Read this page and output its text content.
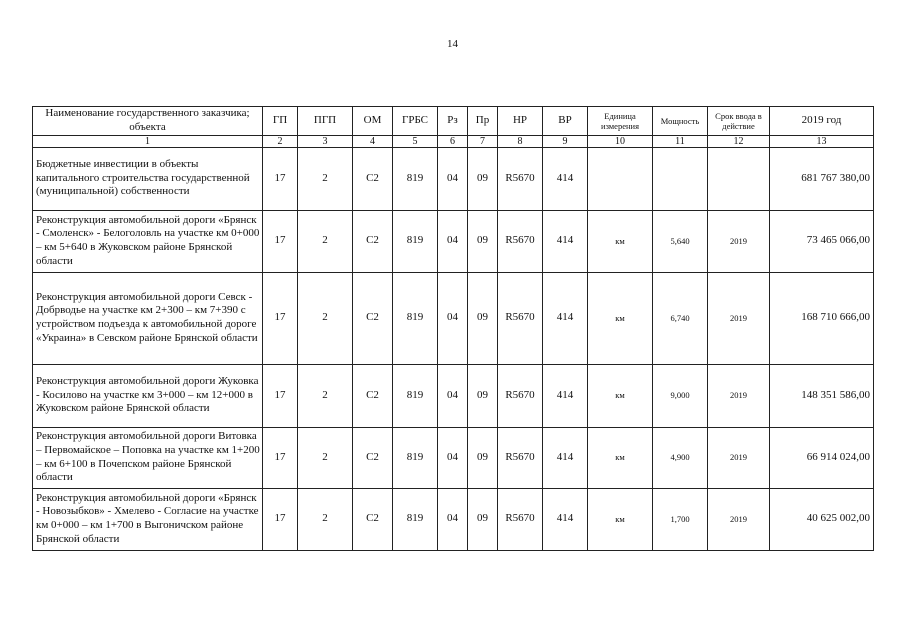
14
Наименование государственного заказчика; объекта	ГП	ПГП	ОМ	ГРБС	Рз	Пр	НР	ВР	Единица измерения	Мощность	Срок ввода в действие	2019 год
1	2	3	4	5	6	7	8	9	10	11	12	13
Бюджетные инвестиции в объекты капитального строительства государственной (муниципальной) собственности	17	2	С2	819	04	09	R5670	414				681 767 380,00
Реконструкция автомобильной дороги «Брянск - Смоленск» - Белоголовль на участке км 0+000 – км 5+640 в Жуковском районе Брянской области	17	2	С2	819	04	09	R5670	414	км	5,640	2019	73 465 066,00
Реконструкция автомобильной дороги Севск - Добрводье на участке км 2+300 – км 7+390 с устройством подъезда к автомобильной дороге «Украина» в Севском районе Брянской области	17	2	С2	819	04	09	R5670	414	км	6,740	2019	168 710 666,00
Реконструкция автомобильной дороги Жуковка - Косилово на участке км 3+000 – км 12+000 в Жуковском районе Брянской области	17	2	С2	819	04	09	R5670	414	км	9,000	2019	148 351 586,00
Реконструкция автомобильной дороги Витовка – Первомайское – Поповка на участке км 1+200 – км 6+100 в Почепском районе Брянской области	17	2	С2	819	04	09	R5670	414	км	4,900	2019	66 914 024,00
Реконструкция автомобильной дороги «Брянск - Новозыбков» - Хмелево - Согласие на участке км 0+000 – км 1+700 в Выгоничском районе Брянской области	17	2	С2	819	04	09	R5670	414	км	1,700	2019	40 625 002,00
